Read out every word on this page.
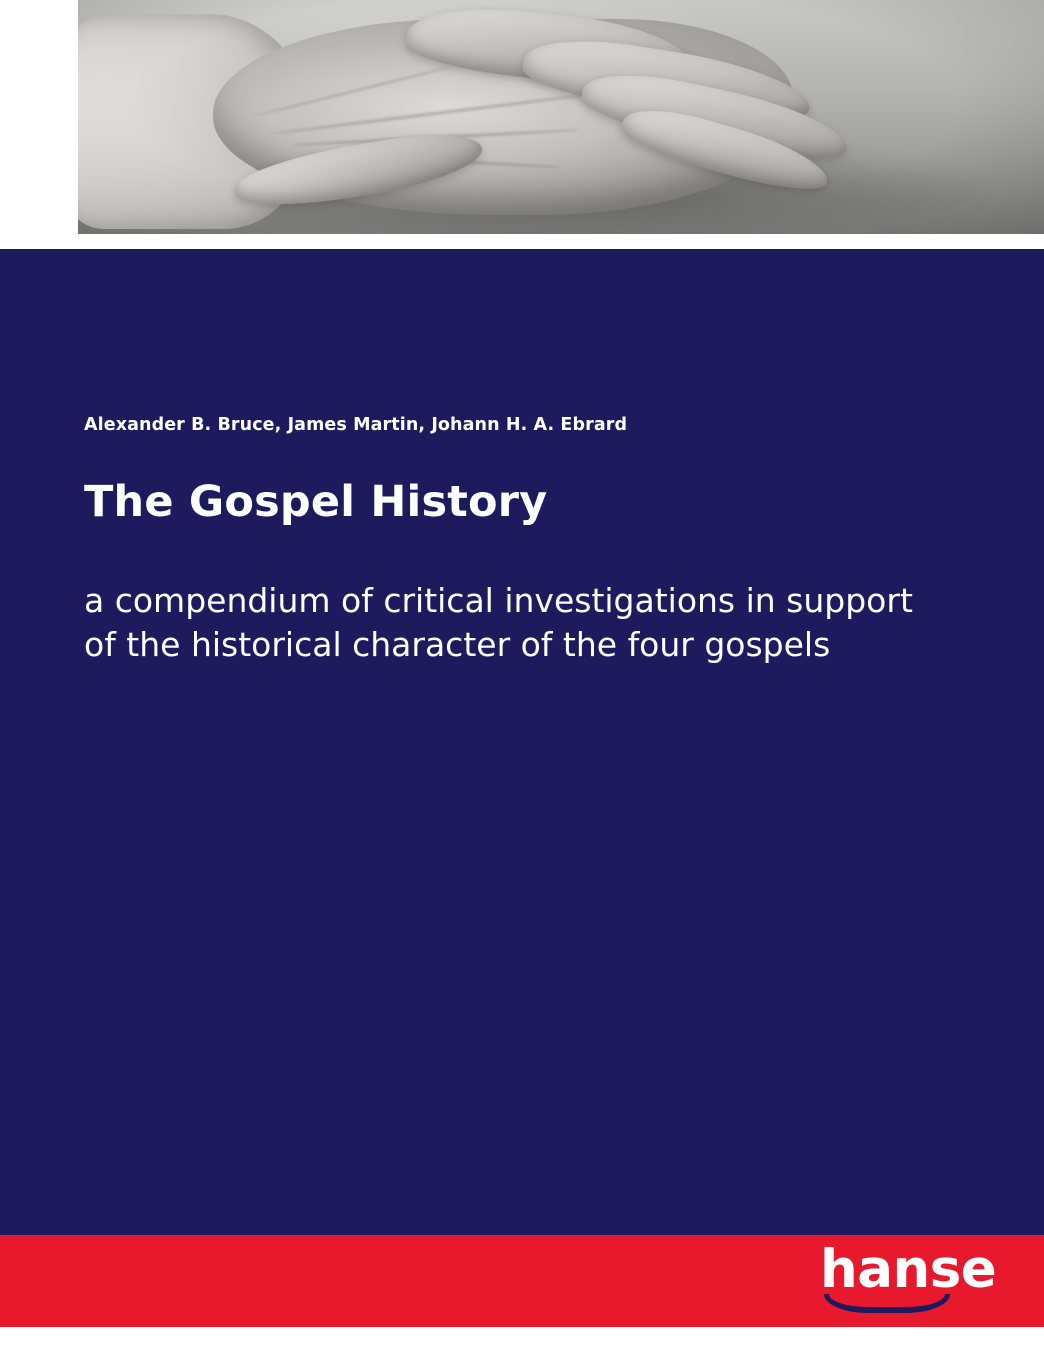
Alexander B. Bruce, James Martin, Johann H. A. Ebrard
The Gospel History
a compendium of critical investigations in support of the historical character of the four gospels
hanse
